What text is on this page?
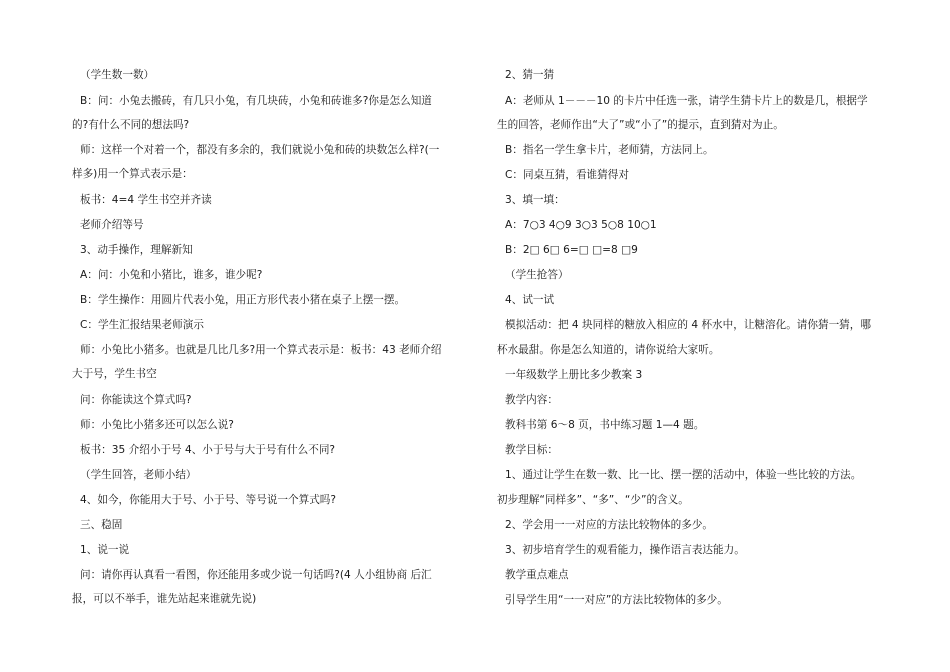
（学生数一数）
B：问：小兔去搬砖，有几只小兔，有几块砖，小兔和砖谁多?你是怎么知道
的?有什么不同的想法吗?
师：这样一个对着一个，都没有多余的，我们就说小兔和砖的块数怎么样?(一
样多)用一个算式表示是：
板书：4=4 学生书空并齐读
老师介绍等号
3、动手操作，理解新知
A：问：小兔和小猪比，谁多，谁少呢?
B：学生操作：用圆片代表小兔，用正方形代表小猪在桌子上摆一摆。
C：学生汇报结果老师演示
师：小兔比小猪多。也就是几比几多?用一个算式表示是：板书：43 老师介绍
大于号，学生书空
问：你能读这个算式吗?
师：小兔比小猪多还可以怎么说?
板书：35 介绍小于号 4、小于号与大于号有什么不同?
（学生回答，老师小结）
4、如今，你能用大于号、小于号、等号说一个算式吗?
三、稳固
1、说一说
问：请你再认真看一看图，你还能用多或少说一句话吗?(4 人小组协商 后汇
报，可以不举手，谁先站起来谁就先说)
2、猜一猜
A：老师从 1－－－10 的卡片中任选一张，请学生猜卡片上的数是几，根据学
生的回答，老师作出“大了”或“小了”的提示，直到猜对为止。
B：指名一学生拿卡片，老师猜，方法同上。
C：同桌互猜，看谁猜得对
3、填一填：
A：7○3 4○9 3○3 5○8 10○1
B：2□ 6□ 6=□ □=8 □9
（学生抢答）
4、试一试
模拟活动：把 4 块同样的糖放入相应的 4 杯水中，让糖溶化。请你猜一猜，哪
杯水最甜。你是怎么知道的，请你说给大家听。
一年级数学上册比多少教案 3
教学内容：
教科书第 6～8 页，书中练习题 1—4 题。
教学目标：
1、通过让学生在数一数、比一比、摆一摆的活动中，体验一些比较的方法。
初步理解“同样多”、“多”、“少”的含义。
2、学会用一一对应的方法比较物体的多少。
3、初步培育学生的观看能力，操作语言表达能力。
教学重点难点
引导学生用“一一对应”的方法比较物体的多少。
